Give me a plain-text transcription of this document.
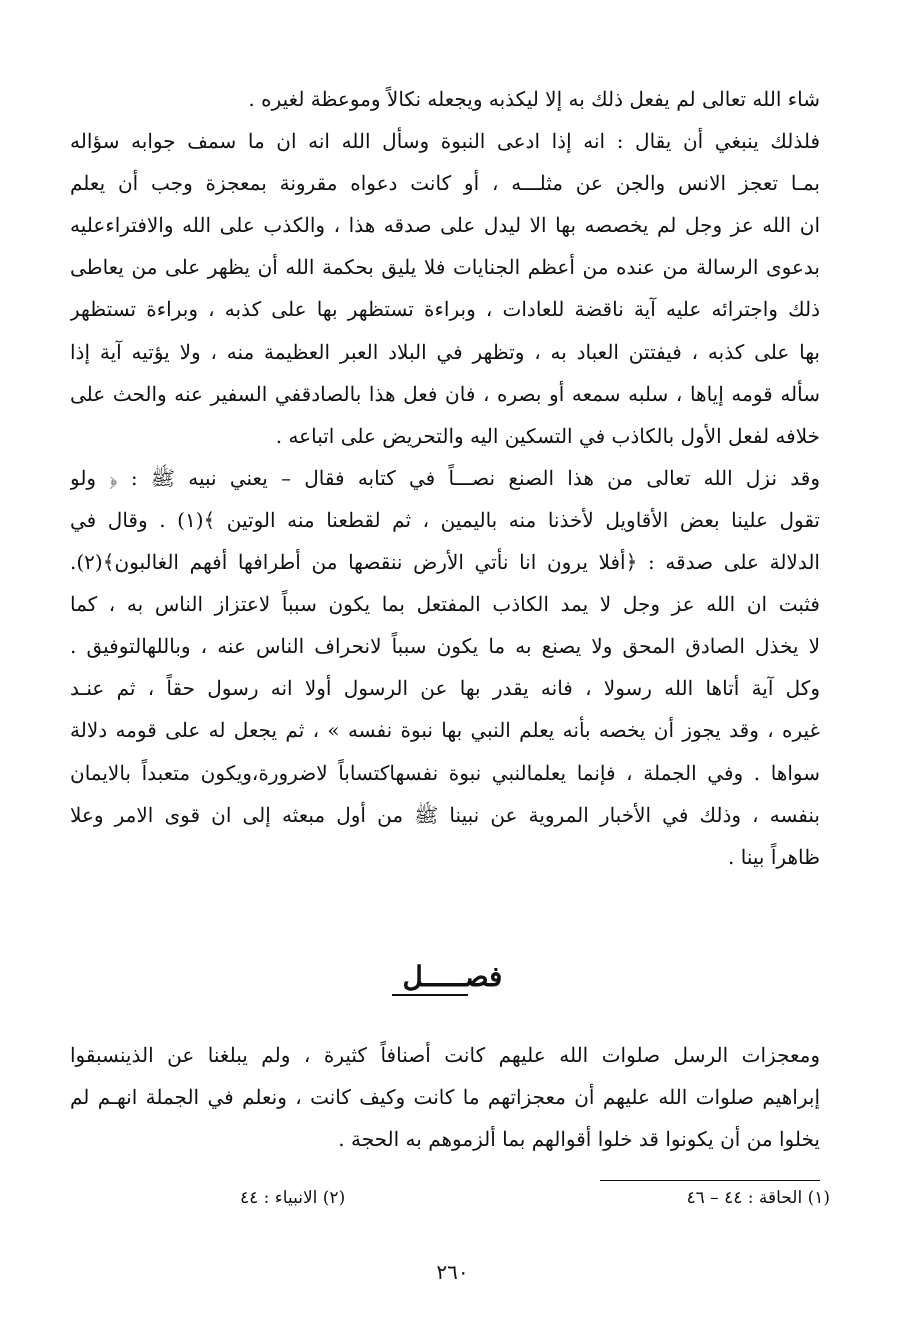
شاء الله تعالى لم يفعل ذلك به إلا ليكذبه ويجعله نكالاً وموعظة لغيره .
فلذلك ينبغي أن يقال : انه إذا ادعى النبوة وسأل الله انه ان ما سمف جوابه سؤاله
بمـا تعجز الانس والجن عن مثلـــه ، أو كانت دعواه مقرونة بمعجزة وجب أن يعلم
ان الله عز وجل لم يخصصه بها الا ليدل على صدقه هذا ، والكذب على الله والافتراءعليه
بدعوى الرسالة من عنده من أعظم الجنايات فلا يليق بحكمة الله أن يظهر على من يعاطى
ذلك واجترائه عليه آية ناقضة للعادات ، وبراءة تستظهر بها على كذبه ، وبراءة تستظهر
بها على كذبه ، فيفتتن العباد به ، وتظهر في البلاد العبر العظيمة منه ، ولا يؤتيه آية إذا
سأله قومه إياها ، سلبه سمعه أو بصره ، فان فعل هذا بالصادقفي السفير عنه والحث على
خلافه لفعل الأول بالكاذب في التسكين اليه والتحريض على اتباعه .
وقد نزل الله تعالى من هذا الصنع نصـــاً في كتابه فقال – يعني نبيه ﷺ : ﴿ ولو
تقول علينا بعض الأقاويل لأخذنا منه باليمين ، ثم لقطعنا منه الوتين ﴾(١) . وقال في
الدلالة على صدقه : ﴿أفلا يرون انا نأتي الأرض ننقصها من أطرافها أفهم الغالبون﴾(٢).
فثبت ان الله عز وجل لا يمد الكاذب المفتعل بما يكون سبباً لاعتزاز الناس به ، كما
لا يخذل الصادق المحق ولا يصنع به ما يكون سبباً لانحراف الناس عنه ، وباللهالتوفيق .
وكل آية أتاها الله رسولا ، فانه يقدر بها عن الرسول أولا انه رسول حقاً ، ثم عنـد
غيره ، وقد يجوز أن يخصه بأنه يعلم النبي بها نبوة نفسه » ، ثم يجعل له على قومه دلالة
سواها . وفي الجملة ، فإنما يعلمالنبي نبوة نفسهاكتساباً لاضرورة،ويكون متعبداً بالايمان
بنفسه ، وذلك في الأخبار المروية عن نبينا ﷺ من أول مبعثه إلى ان قوى الامر وعلا
ظاهراً بينا .
فصـــــل
ومعجزات الرسل صلوات الله عليهم كانت أصنافاً كثيرة ، ولم يبلغنا عن الذينسبقوا
إبراهيم صلوات الله عليهم أن معجزاتهم ما كانت وكيف كانت ، ونعلم في الجملة انهـم لم
يخلوا من أن يكونوا قد خلوا أقوالهم بما ألزموهم به الحجة .
(١) الحاقة : ٤٤ – ٤٦
(٢) الانبياء : ٤٤
٢٦٠
